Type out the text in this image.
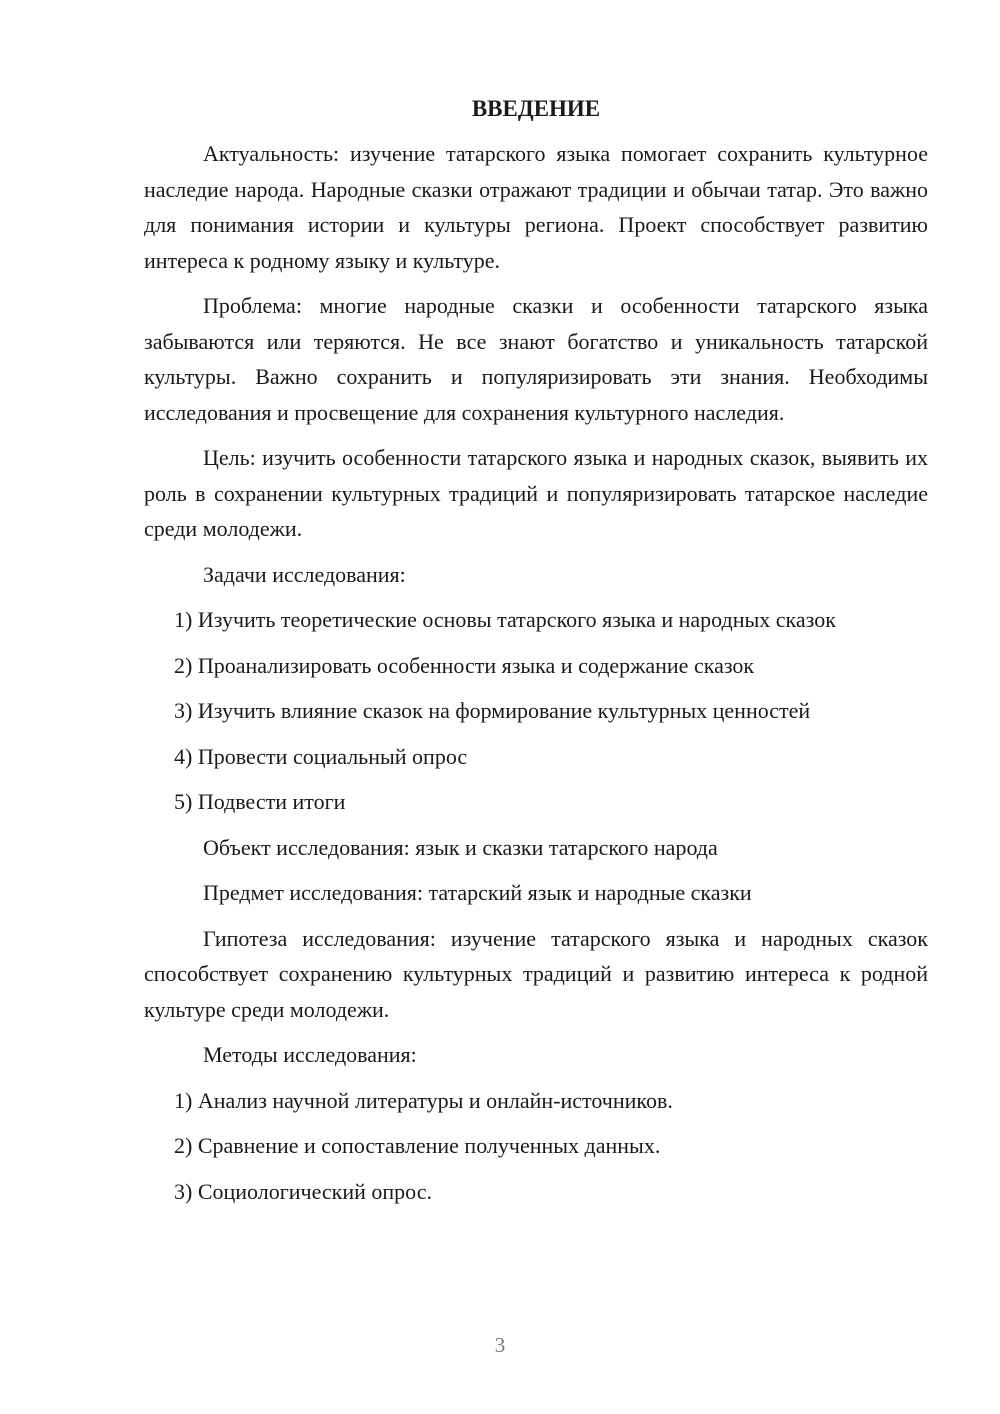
ВВЕДЕНИЕ

Актуальность: изучение татарского языка помогает сохранить культурное наследие народа. Народные сказки отражают традиции и обычаи татар. Это важно для понимания истории и культуры региона. Проект способствует развитию интереса к родному языку и культуре.

Проблема: многие народные сказки и особенности татарского языка забываются или теряются. Не все знают богатство и уникальность татарской культуры. Важно сохранить и популяризировать эти знания. Необходимы исследования и просвещение для сохранения культурного наследия.

Цель: изучить особенности татарского языка и народных сказок, выявить их роль в сохранении культурных традиций и популяризировать татарское наследие среди молодежи.

Задачи исследования:
1) Изучить теоретические основы татарского языка и народных сказок
2) Проанализировать особенности языка и содержание сказок
3) Изучить влияние сказок на формирование культурных ценностей
4) Провести социальный опрос
5) Подвести итоги
Объект исследования: язык и сказки татарского народа
Предмет исследования: татарский язык и народные сказки

Гипотеза исследования: изучение татарского языка и народных сказок способствует сохранению культурных традиций и развитию интереса к родной культуре среди молодежи.

Методы исследования:
1) Анализ научной литературы и онлайн-источников.
2) Сравнение и сопоставление полученных данных.
3) Социологический опрос.
3
